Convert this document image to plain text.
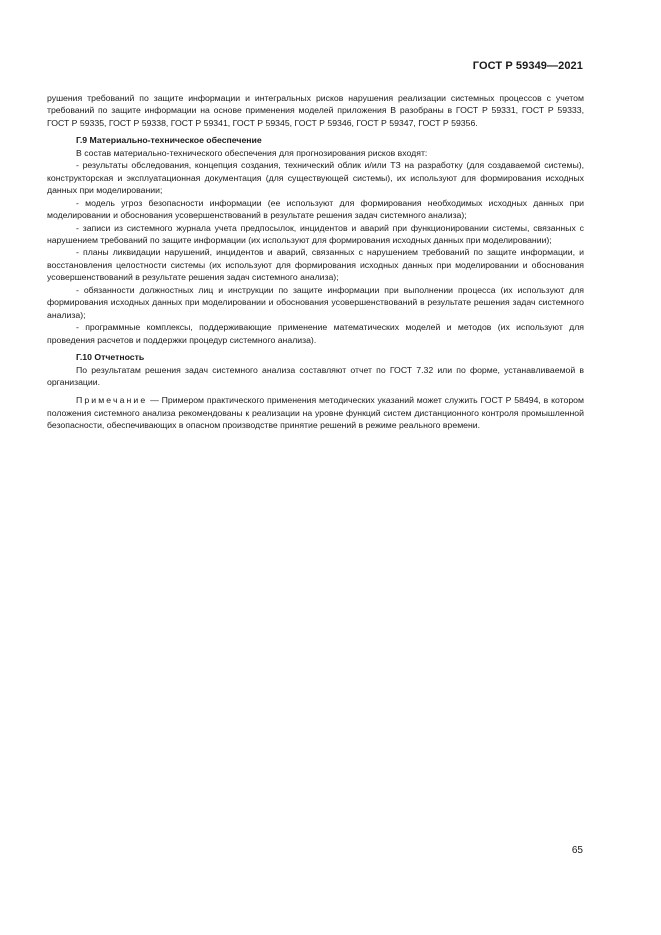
ГОСТ Р 59349—2021

рушения требований по защите информации и интегральных рисков нарушения реализации системных процессов с учетом требований по защите информации на основе применения моделей приложения В разобраны в ГОСТ Р 59331, ГОСТ Р 59333, ГОСТ Р 59335, ГОСТ Р 59338, ГОСТ Р 59341, ГОСТ Р 59345, ГОСТ Р 59346, ГОСТ Р 59347, ГОСТ Р 59356.

Г.9 Материально-техническое обеспечение

В состав материально-технического обеспечения для прогнозирования рисков входят:

- результаты обследования, концепция создания, технический облик и/или ТЗ на разработку (для создаваемой системы), конструкторская и эксплуатационная документация (для существующей системы), их используют для формирования исходных данных при моделировании;

- модель угроз безопасности информации (ее используют для формирования необходимых исходных данных при моделировании и обоснования усовершенствований в результате решения задач системного анализа);

- записи из системного журнала учета предпосылок, инцидентов и аварий при функционировании системы, связанных с нарушением требований по защите информации (их используют для формирования исходных данных при моделировании);

- планы ликвидации нарушений, инцидентов и аварий, связанных с нарушением требований по защите информации, и восстановления целостности системы (их используют для формирования исходных данных при моделировании и обоснования усовершенствований в результате решения задач системного анализа);

- обязанности должностных лиц и инструкции по защите информации при выполнении процесса (их используют для формирования исходных данных при моделировании и обоснования усовершенствований в результате решения задач системного анализа);

- программные комплексы, поддерживающие применение математических моделей и методов (их используют для проведения расчетов и поддержки процедур системного анализа).

Г.10 Отчетность

По результатам решения задач системного анализа составляют отчет по ГОСТ 7.32 или по форме, устанавливаемой в организации.

Примечание — Примером практического применения методических указаний может служить ГОСТ Р 58494, в котором положения системного анализа рекомендованы к реализации на уровне функций систем дистанционного контроля промышленной безопасности, обеспечивающих в опасном производстве принятие решений в режиме реального времени.

65
